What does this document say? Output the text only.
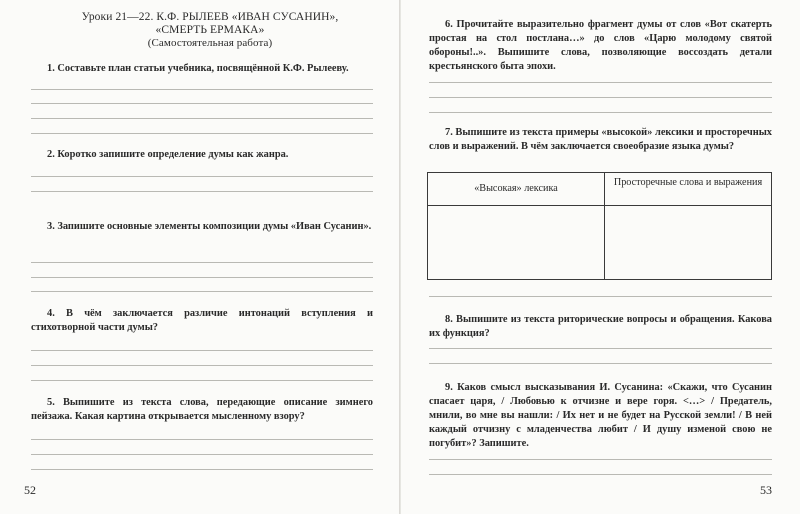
Уроки 21—22. К.Ф. РЫЛЕЕВ «ИВАН СУСАНИН»,
«СМЕРТЬ ЕРМАКА»
(Самостоятельная работа)
1. Составьте план статьи учебника, посвящённой К.Ф. Рылееву.
2. Коротко запишите определение думы как жанра.
3. Запишите основные элементы композиции думы «Иван Сусанин».
4. В чём заключается различие интонаций вступления и стихотворной части думы?
5. Выпишите из текста слова, передающие описание зимнего пейзажа. Какая картина открывается мысленному взору?
52
6. Прочитайте выразительно фрагмент думы от слов «Вот скатерть простая на стол постлана…» до слов «Царю молодому святой обороны!..». Выпишите слова, позволяющие воссоздать детали крестьянского быта эпохи.
7. Выпишите из текста примеры «высокой» лексики и просторечных слов и выражений. В чём заключается своеобразие языка думы?
«Высокая» лексика
Просторечные слова и выражения
8. Выпишите из текста риторические вопросы и обращения. Какова их функция?
9. Каков смысл высказывания И. Сусанина: «Скажи, что Сусанин спасает царя, / Любовью к отчизне и вере горя. <…> / Предатель, мнили, во мне вы нашли: / Их нет и не будет на Русской земли! / В ней каждый отчизну с младенчества любит / И душу изменой свою не погубит»? Запишите.
53
